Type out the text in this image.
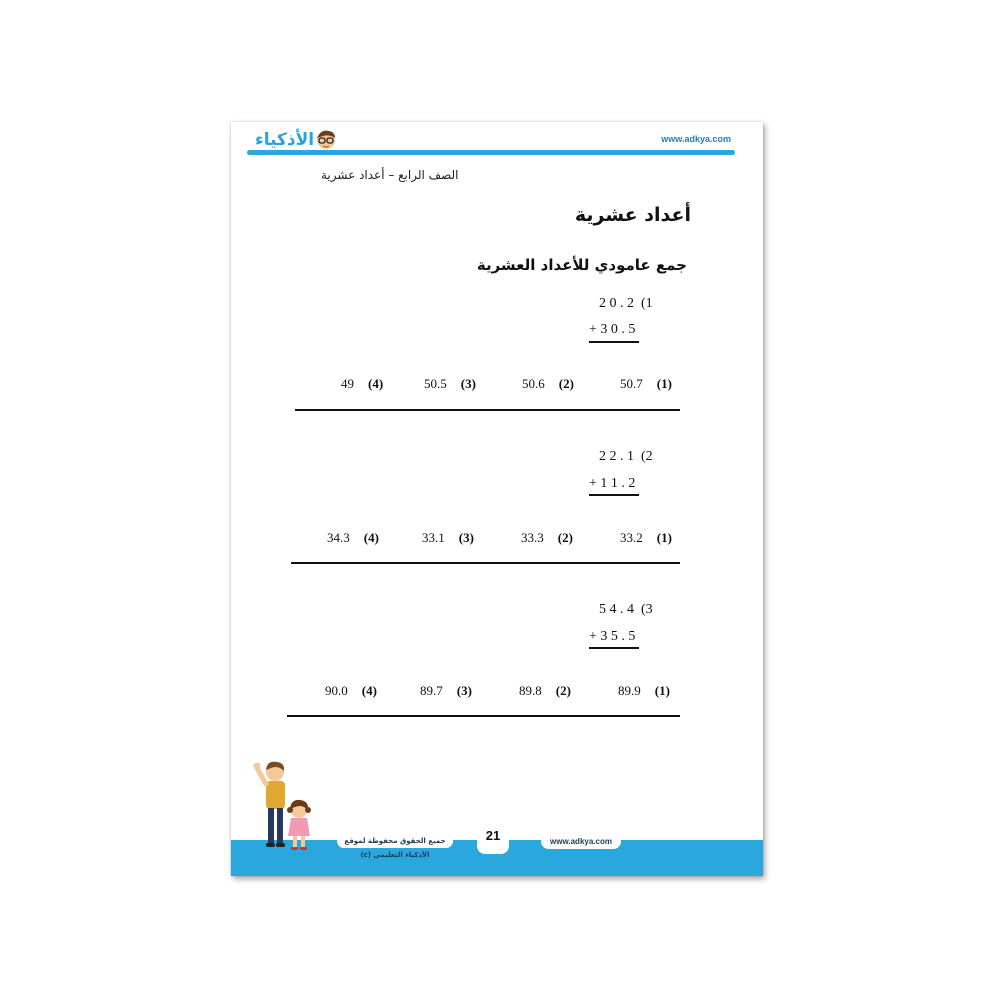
الأذكياء	www.adkya.com
الصف الرابع – أعداد عشرية
أعداد عشرية
جمع عامودي للأعداد العشرية
2 0 . 2  (1
+ 3 0 . 5
50.7 (1)
50.6 (2)
50.5 (3)
49 (4)
2 2 . 1  (2
+ 1 1 . 2
33.2 (1)
33.3 (2)
33.1 (3)
34.3 (4)
5 4 . 4  (3
+ 3 5 . 5
89.9 (1)
89.8 (2)
89.7 (3)
90.0 (4)
جميع الحقوق محفوظة لموقع الأذكياء التعليمي (c)
21	www.adkya.com
